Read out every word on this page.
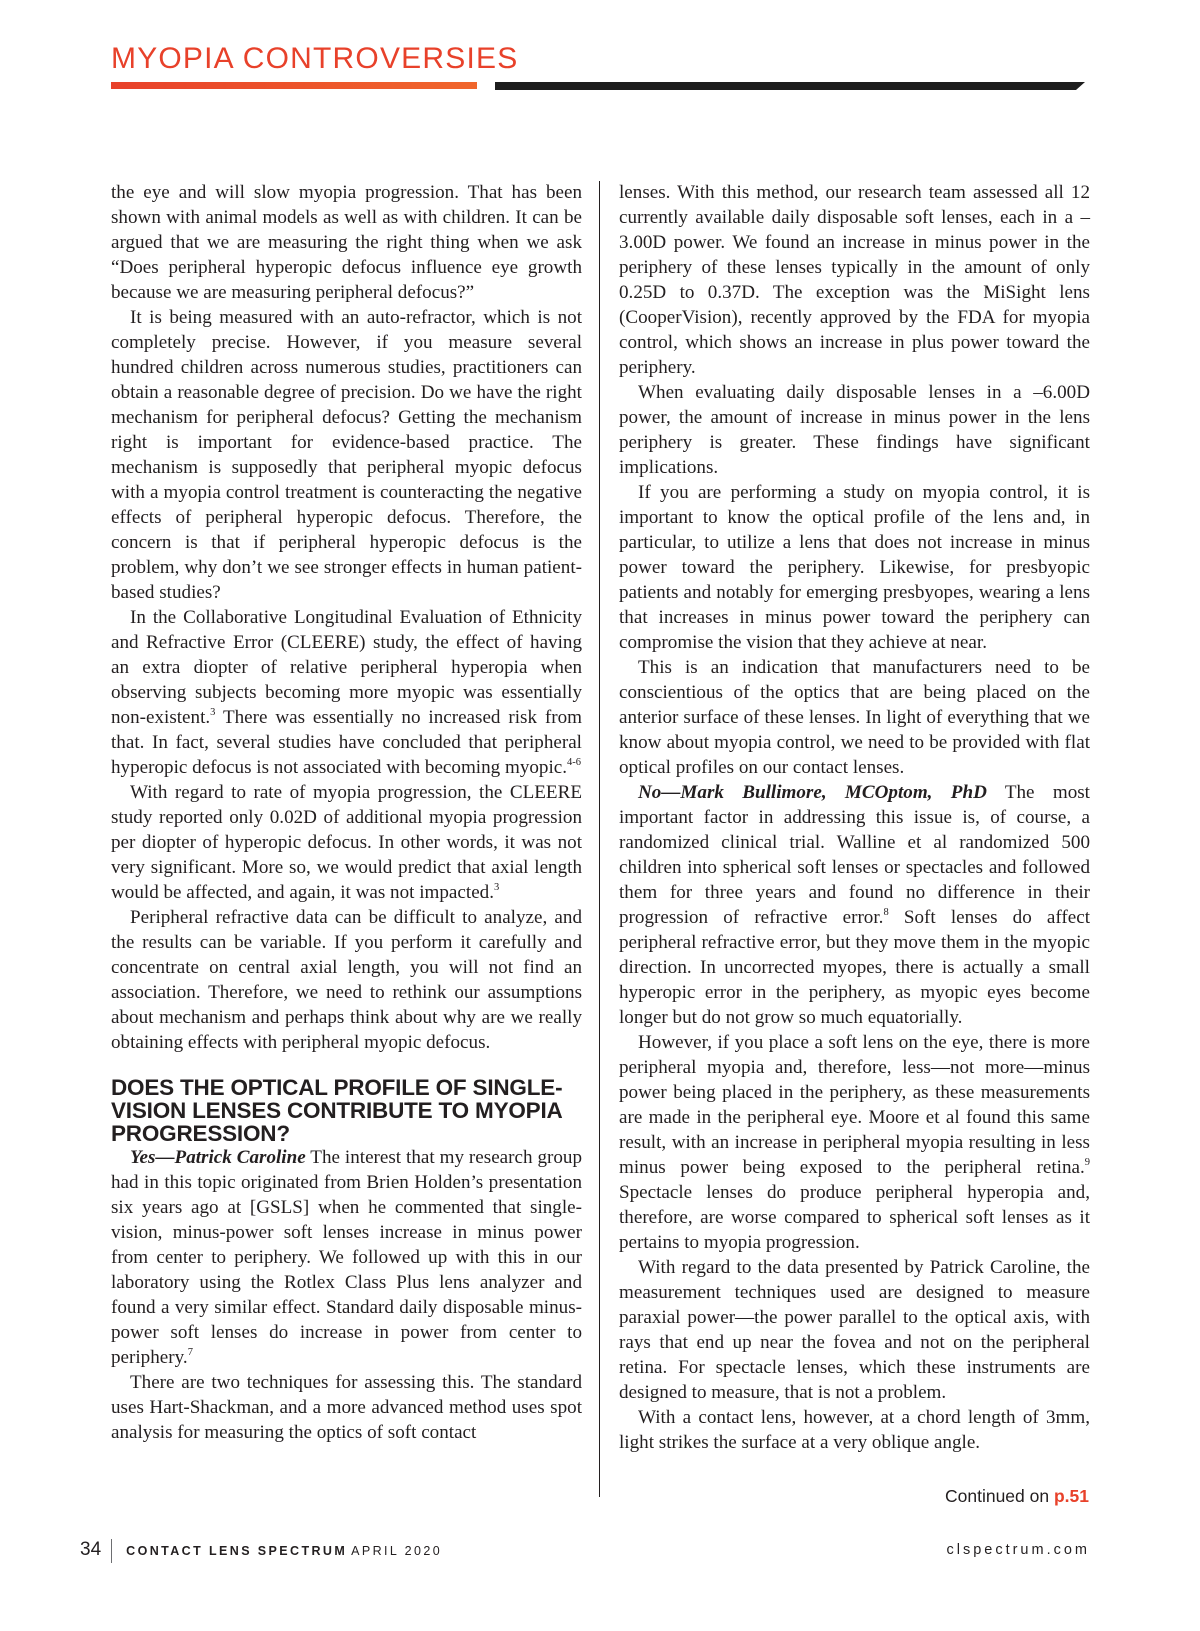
MYOPIA CONTROVERSIES

the eye and will slow myopia progression. That has been shown with animal models as well as with children. It can be argued that we are measuring the right thing when we ask “Does peripheral hyperopic defocus influence eye growth because we are measuring peripheral defocus?”

It is being measured with an auto-refractor, which is not completely precise. However, if you measure several hundred children across numerous studies, practitioners can obtain a reasonable degree of precision. Do we have the right mechanism for peripheral defocus? Getting the mechanism right is important for evidence-based practice. The mechanism is supposedly that peripheral myopic defocus with a myopia control treatment is counteracting the negative effects of peripheral hyperopic defocus. Therefore, the concern is that if peripheral hyperopic defocus is the problem, why don’t we see stronger effects in human patient-based studies?

In the Collaborative Longitudinal Evaluation of Ethnicity and Refractive Error (CLEERE) study, the effect of having an extra diopter of relative peripheral hyperopia when observing subjects becoming more myopic was essentially non-existent.$^3$ There was essentially no increased risk from that. In fact, several studies have concluded that peripheral hyperopic defocus is not associated with becoming myopic.$^{4-6}$

With regard to rate of myopia progression, the CLEERE study reported only 0.02D of additional myopia progression per diopter of hyperopic defocus. In other words, it was not very significant. More so, we would predict that axial length would be affected, and again, it was not impacted.$^3$

Peripheral refractive data can be difficult to analyze, and the results can be variable. If you perform it carefully and concentrate on central axial length, you will not find an association. Therefore, we need to rethink our assumptions about mechanism and perhaps think about why are we really obtaining effects with peripheral myopic defocus.

DOES THE OPTICAL PROFILE OF SINGLE-VISION LENSES CONTRIBUTE TO MYOPIA PROGRESSION?

Yes—Patrick Caroline The interest that my research group had in this topic originated from Brien Holden’s presentation six years ago at [GSLS] when he commented that single-vision, minus-power soft lenses increase in minus power from center to periphery. We followed up with this in our laboratory using the Rotlex Class Plus lens analyzer and found a very similar effect. Standard daily disposable minus-power soft lenses do increase in power from center to periphery.$^7$

There are two techniques for assessing this. The standard uses Hart-Shackman, and a more advanced method uses spot analysis for measuring the optics of soft contact

lenses. With this method, our research team assessed all 12 currently available daily disposable soft lenses, each in a –3.00D power. We found an increase in minus power in the periphery of these lenses typically in the amount of only 0.25D to 0.37D. The exception was the MiSight lens (CooperVision), recently approved by the FDA for myopia control, which shows an increase in plus power toward the periphery.

When evaluating daily disposable lenses in a –6.00D power, the amount of increase in minus power in the lens periphery is greater. These findings have significant implications.

If you are performing a study on myopia control, it is important to know the optical profile of the lens and, in particular, to utilize a lens that does not increase in minus power toward the periphery. Likewise, for presbyopic patients and notably for emerging presbyopes, wearing a lens that increases in minus power toward the periphery can compromise the vision that they achieve at near.

This is an indication that manufacturers need to be conscientious of the optics that are being placed on the anterior surface of these lenses. In light of everything that we know about myopia control, we need to be provided with flat optical profiles on our contact lenses.

No—Mark Bullimore, MCOptom, PhD The most important factor in addressing this issue is, of course, a randomized clinical trial. Walline et al randomized 500 children into spherical soft lenses or spectacles and followed them for three years and found no difference in their progression of refractive error.$^8$ Soft lenses do affect peripheral refractive error, but they move them in the myopic direction. In uncorrected myopes, there is actually a small hyperopic error in the periphery, as myopic eyes become longer but do not grow so much equatorially.

However, if you place a soft lens on the eye, there is more peripheral myopia and, therefore, less—not more—minus power being placed in the periphery, as these measurements are made in the peripheral eye. Moore et al found this same result, with an increase in peripheral myopia resulting in less minus power being exposed to the peripheral retina.$^9$ Spectacle lenses do produce peripheral hyperopia and, therefore, are worse compared to spherical soft lenses as it pertains to myopia progression.

With regard to the data presented by Patrick Caroline, the measurement techniques used are designed to measure paraxial power—the power parallel to the optical axis, with rays that end up near the fovea and not on the peripheral retina. For spectacle lenses, which these instruments are designed to measure, that is not a problem.

With a contact lens, however, at a chord length of 3mm, light strikes the surface at a very oblique angle.

Continued on p.51
34 CONTACT LENS SPECTRUM APRIL 2020	clspectrum.com
